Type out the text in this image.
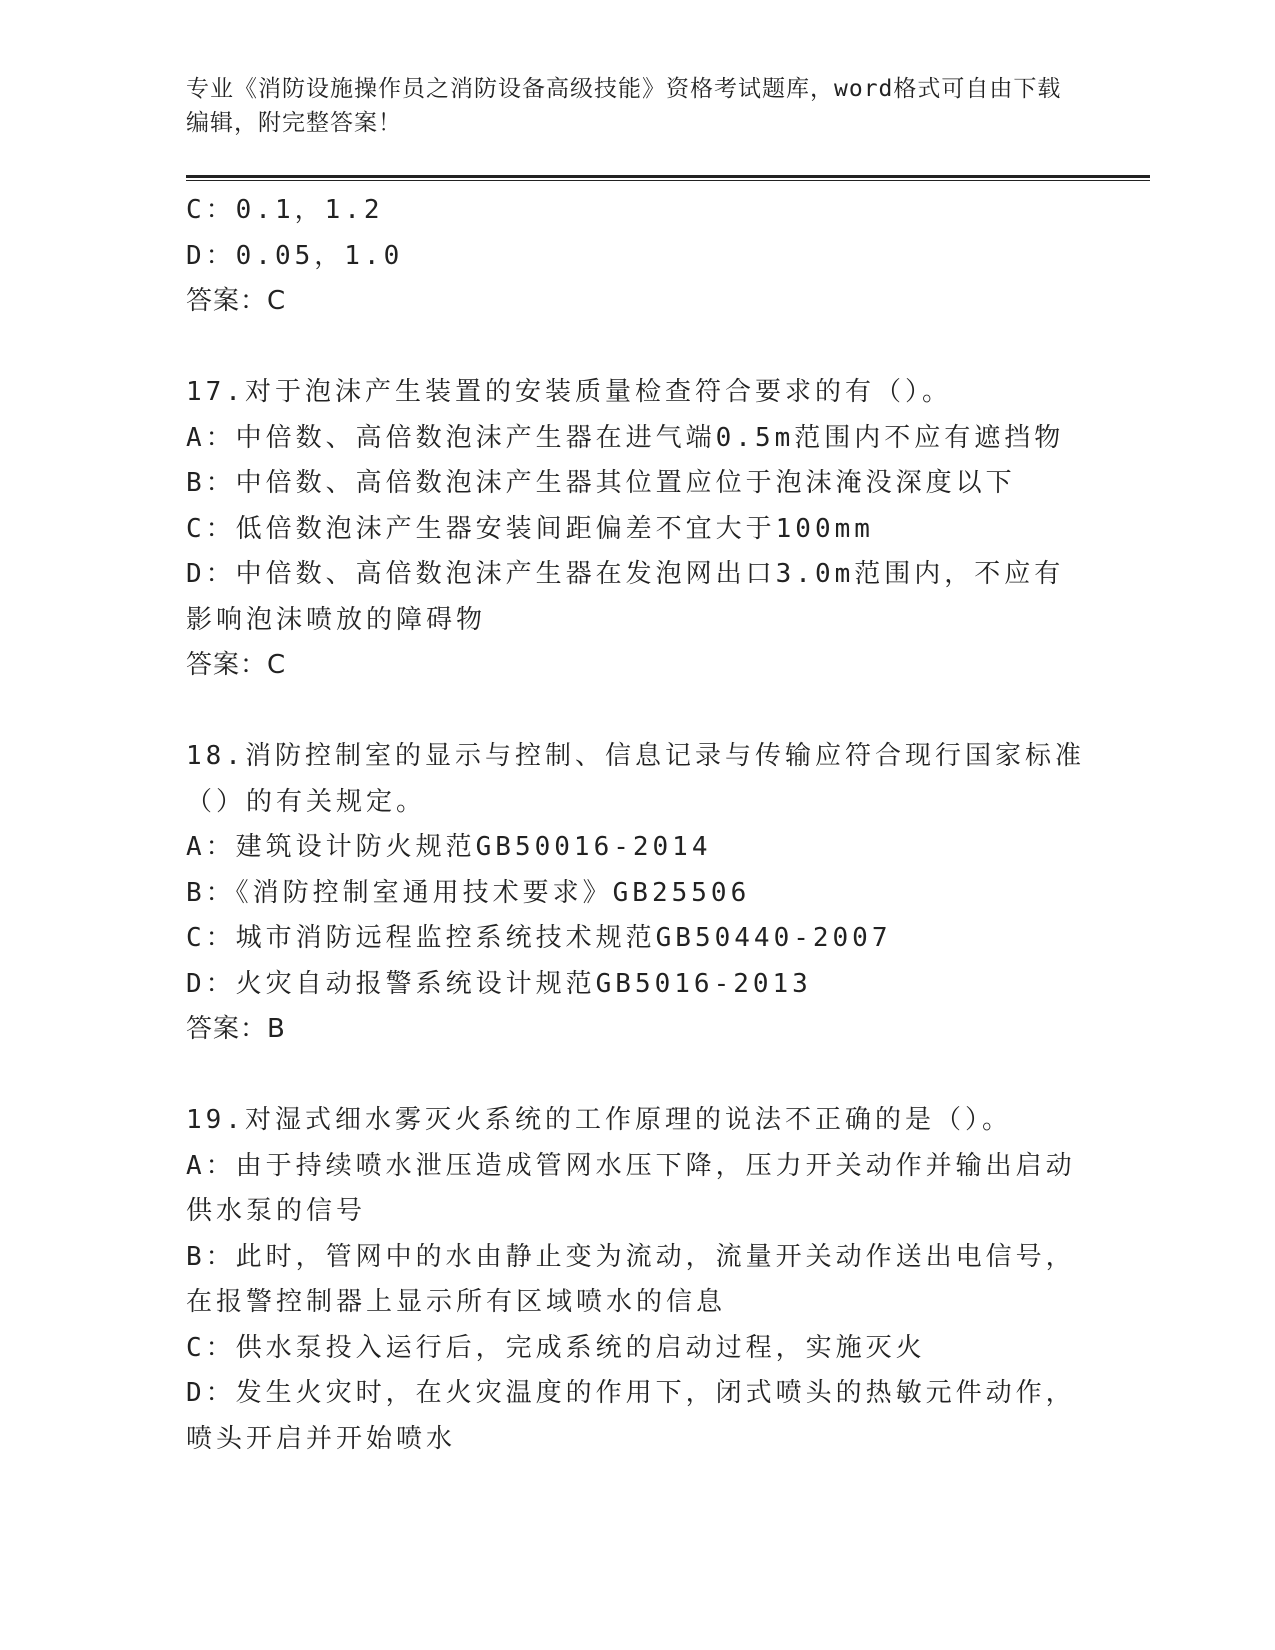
专业《消防设施操作员之消防设备高级技能》资格考试题库，word格式可自由下载编辑，附完整答案！
C：0.1，1.2
D：0.05，1.0
答案：C
17.对于泡沫产生装置的安装质量检查符合要求的有（）。
A：中倍数、高倍数泡沫产生器在进气端0.5m范围内不应有遮挡物
B：中倍数、高倍数泡沫产生器其位置应位于泡沫淹没深度以下
C：低倍数泡沫产生器安装间距偏差不宜大于100mm
D：中倍数、高倍数泡沫产生器在发泡网出口3.0m范围内，不应有影响泡沫喷放的障碍物
答案：C
18.消防控制室的显示与控制、信息记录与传输应符合现行国家标准（）的有关规定。
A：建筑设计防火规范GB50016-2014
B：《消防控制室通用技术要求》GB25506
C：城市消防远程监控系统技术规范GB50440-2007
D：火灾自动报警系统设计规范GB5016-2013
答案：B
19.对湿式细水雾灭火系统的工作原理的说法不正确的是（）。
A：由于持续喷水泄压造成管网水压下降，压力开关动作并输出启动供水泵的信号
B：此时，管网中的水由静止变为流动，流量开关动作送出电信号，在报警控制器上显示所有区域喷水的信息
C：供水泵投入运行后，完成系统的启动过程，实施灭火
D：发生火灾时，在火灾温度的作用下，闭式喷头的热敏元件动作，喷头开启并开始喷水
